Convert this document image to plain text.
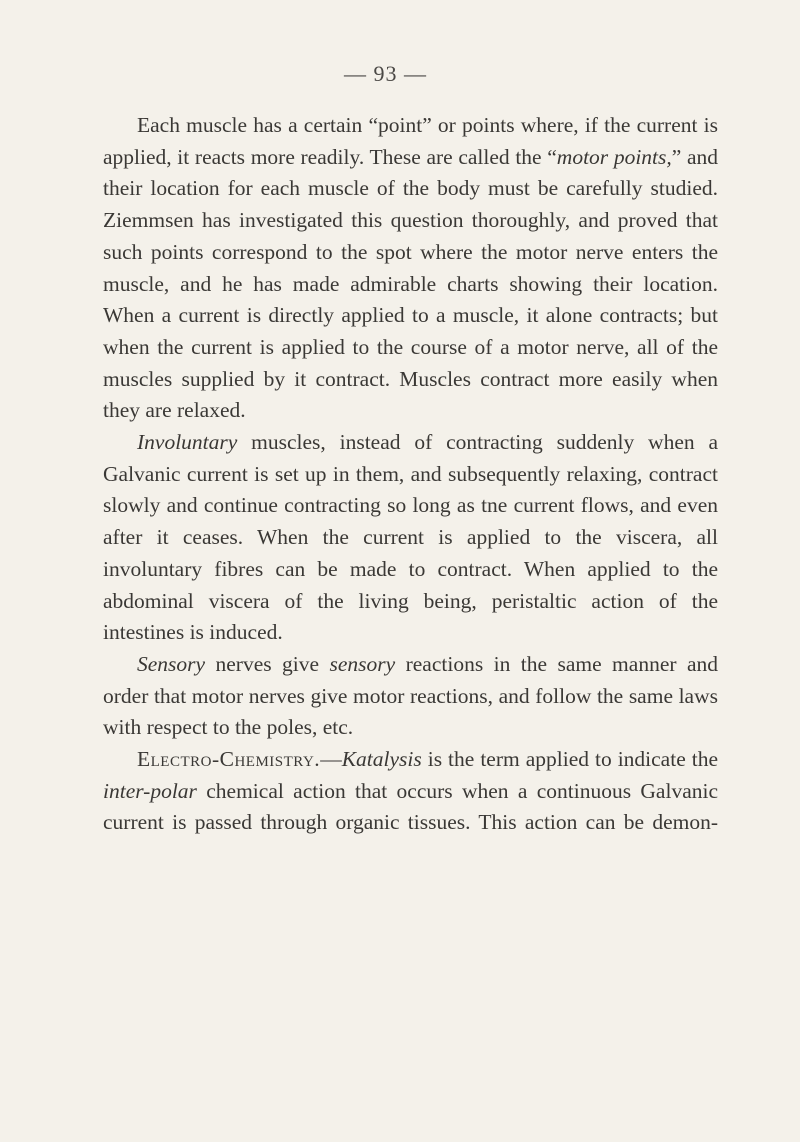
— 93 —

Each muscle has a certain “point” or points where, if the current is applied, it reacts more readily. These are called the “motor points,” and their location for each muscle of the body must be carefully studied. Ziemmsen has investigated this question thoroughly, and proved that such points correspond to the spot where the motor nerve enters the muscle, and he has made admirable charts showing their location. When a current is directly applied to a muscle, it alone contracts; but when the current is applied to the course of a motor nerve, all of the muscles supplied by it contract. Muscles contract more easily when they are relaxed.

Involuntary muscles, instead of contracting suddenly when a Galvanic current is set up in them, and subsequently relaxing, contract slowly and continue contracting so long as tne current flows, and even after it ceases. When the current is applied to the viscera, all involuntary fibres can be made to contract. When applied to the abdominal viscera of the living being, peristaltic action of the intestines is induced.

Sensory nerves give sensory reactions in the same manner and order that motor nerves give motor reactions, and follow the same laws with respect to the poles, etc.

Electro-Chemistry.—Katalysis is the term applied to indicate the inter-polar chemical action that occurs when a continuous Galvanic current is passed through organic tissues. This action can be demon-
